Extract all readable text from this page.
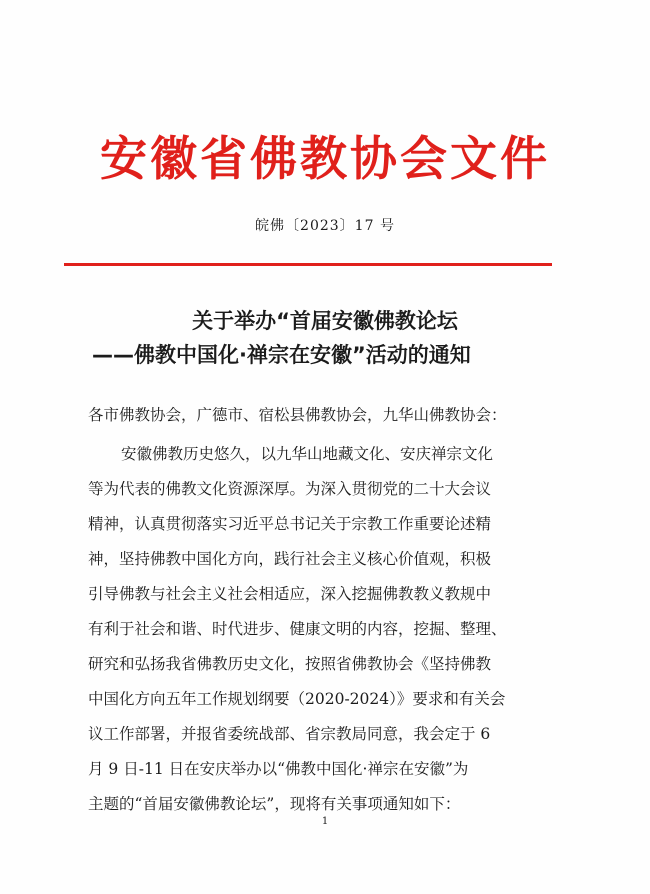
安徽省佛教协会文件
皖佛〔2023〕17 号
关于举办“首届安徽佛教论坛
——佛教中国化·禅宗在安徽”活动的通知
各市佛教协会，广德市、宿松县佛教协会，九华山佛教协会：
安徽佛教历史悠久，以九华山地藏文化、安庆禅宗文化
等为代表的佛教文化资源深厚。为深入贯彻党的二十大会议
精神，认真贯彻落实习近平总书记关于宗教工作重要论述精
神，坚持佛教中国化方向，践行社会主义核心价值观，积极
引导佛教与社会主义社会相适应，深入挖掘佛教教义教规中
有利于社会和谐、时代进步、健康文明的内容，挖掘、整理、
研究和弘扬我省佛教历史文化，按照省佛教协会《坚持佛教
中国化方向五年工作规划纲要（2020-2024）》要求和有关会
议工作部署，并报省委统战部、省宗教局同意，我会定于 6
月 9 日-11 日在安庆举办以“佛教中国化·禅宗在安徽”为
主题的“首届安徽佛教论坛”，现将有关事项通知如下：
1
